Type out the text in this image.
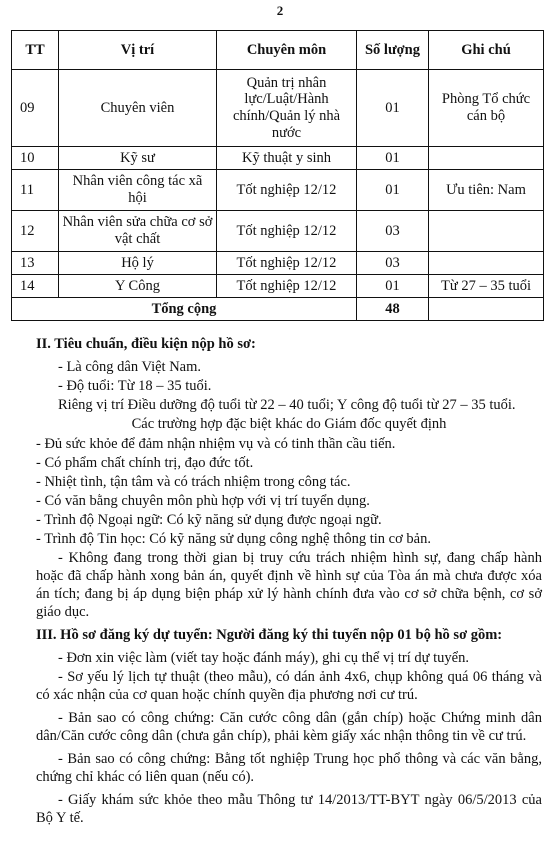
2
TT	Vị trí	Chuyên môn	Số lượng	Ghi chú
09	Chuyên viên	Quản trị nhân lực/Luật/Hành chính/Quản lý nhà nước	01	Phòng Tổ chức cán bộ
10	Kỹ sư	Kỹ thuật y sinh	01	
11	Nhân viên công tác xã hội	Tốt nghiệp 12/12	01	Ưu tiên: Nam
12	Nhân viên sửa chữa cơ sở vật chất	Tốt nghiệp 12/12	03	
13	Hộ lý	Tốt nghiệp 12/12	03	
14	Y Công	Tốt nghiệp 12/12	01	Từ 27 – 35 tuổi
Tổng cộng			48	

II. Tiêu chuẩn, điều kiện nộp hồ sơ:

- Là công dân Việt Nam.

- Độ tuổi: Từ 18 – 35 tuổi.

Riêng vị trí Điều dưỡng độ tuổi từ 22 – 40 tuổi; Y công độ tuổi từ 27 – 35 tuổi.

Các trường hợp đặc biệt khác do Giám đốc quyết định

- Đủ sức khỏe để đảm nhận nhiệm vụ và có tinh thần cầu tiến.

- Có phẩm chất chính trị, đạo đức tốt.

- Nhiệt tình, tận tâm và có trách nhiệm trong công tác.

- Có văn bằng chuyên môn phù hợp với vị trí tuyển dụng.

- Trình độ Ngoại ngữ: Có kỹ năng sử dụng được ngoại ngữ.

- Trình độ Tin học: Có kỹ năng sử dụng công nghệ thông tin cơ bản.

- Không đang trong thời gian bị truy cứu trách nhiệm hình sự, đang chấp hành hoặc đã chấp hành xong bản án, quyết định về hình sự của Tòa án mà chưa được xóa án tích; đang bị áp dụng biện pháp xử lý hành chính đưa vào cơ sở chữa bệnh, cơ sở giáo dục.

III. Hồ sơ đăng ký dự tuyển: Người đăng ký thi tuyển nộp 01 bộ hồ sơ gồm:

- Đơn xin việc làm (viết tay hoặc đánh máy), ghi cụ thể vị trí dự tuyển.

- Sơ yếu lý lịch tự thuật (theo mẫu), có dán ảnh 4x6, chụp không quá 06 tháng và có xác nhận của cơ quan hoặc chính quyền địa phương nơi cư trú.

- Bản sao có công chứng: Căn cước công dân (gắn chíp) hoặc Chứng minh dân dân/Căn cước công dân (chưa gắn chíp), phải kèm giấy xác nhận thông tin về cư trú.

- Bản sao có công chứng: Bằng tốt nghiệp Trung học phổ thông và các văn bằng, chứng chỉ khác có liên quan (nếu có).

- Giấy khám sức khỏe theo mẫu Thông tư 14/2013/TT-BYT ngày 06/5/2013 của Bộ Y tế.
